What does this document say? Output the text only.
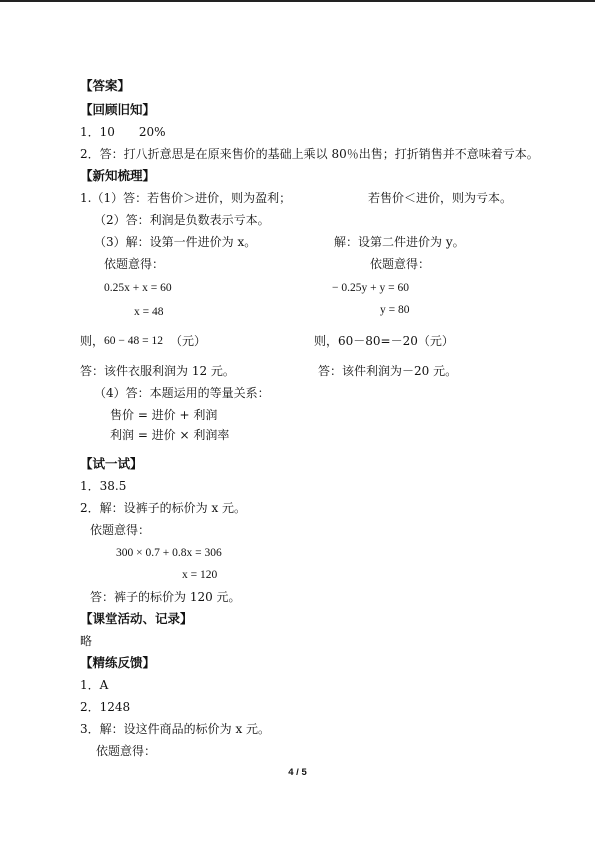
【答案】
【回顾旧知】
1．10　　20%
2．答：打八折意思是在原来售价的基础上乘以 80％出售；打折销售并不意味着亏本。
【新知梳理】
1.（1）答：若售价＞进价，则为盈利；	若售价＜进价，则为亏本。
（2）答：利润是负数表示亏本。
（3）解：设第一件进价为 x。	解：设第二件进价为 y。
依题意得：	依题意得：
0.25x + x = 60	− 0.25y + y = 60
x = 48	y = 80
则， 60 − 48 = 12 （元）	则，60－80=－20（元）
答：该件衣服利润为 12 元。	答：该件利润为－20 元。
（4）答：本题运用的等量关系：
售价 = 进价 + 利润
利润 = 进价 × 利润率
【试一试】
1．38.5
2．解：设裤子的标价为 x 元。
依题意得：
300 × 0.7 + 0.8x = 306
x = 120
答：裤子的标价为 120 元。
【课堂活动、记录】
略
【精练反馈】
1．A
2．1248
3．解：设这件商品的标价为 x 元。
依题意得：
4 / 5
